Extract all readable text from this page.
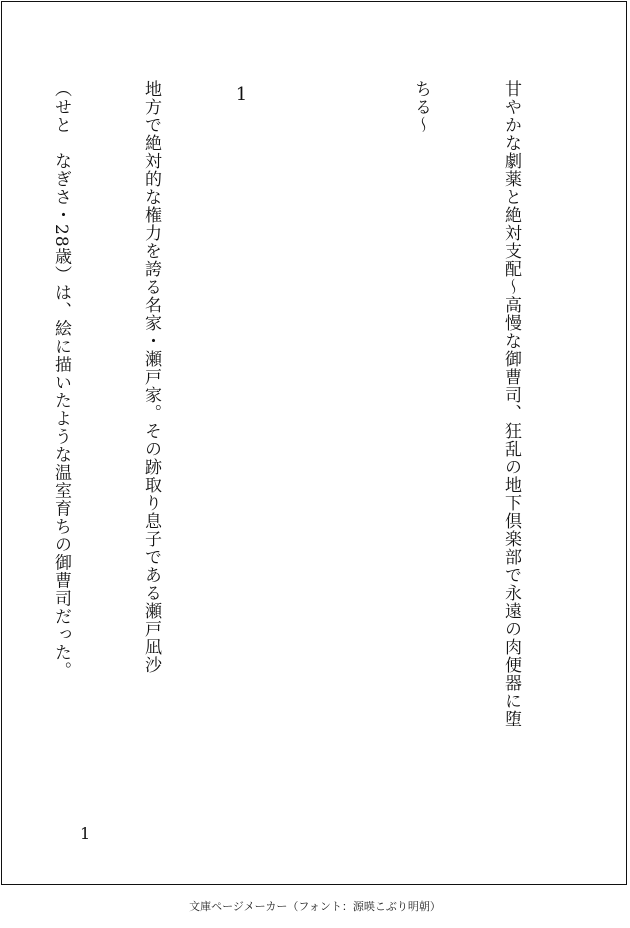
甘やかな劇薬と絶対支配〜高慢な御曹司、狂乱の地下倶楽部で永遠の肉便器に堕

ちる〜

1

地方で絶対的な権力を誇る名家・瀬戸家。その跡取り息子である瀬戸凪沙

（せと　なぎさ・28歳）は、絵に描いたような温室育ちの御曹司だった。

1
文庫ページメーカー（フォント：源暎こぶり明朝）
